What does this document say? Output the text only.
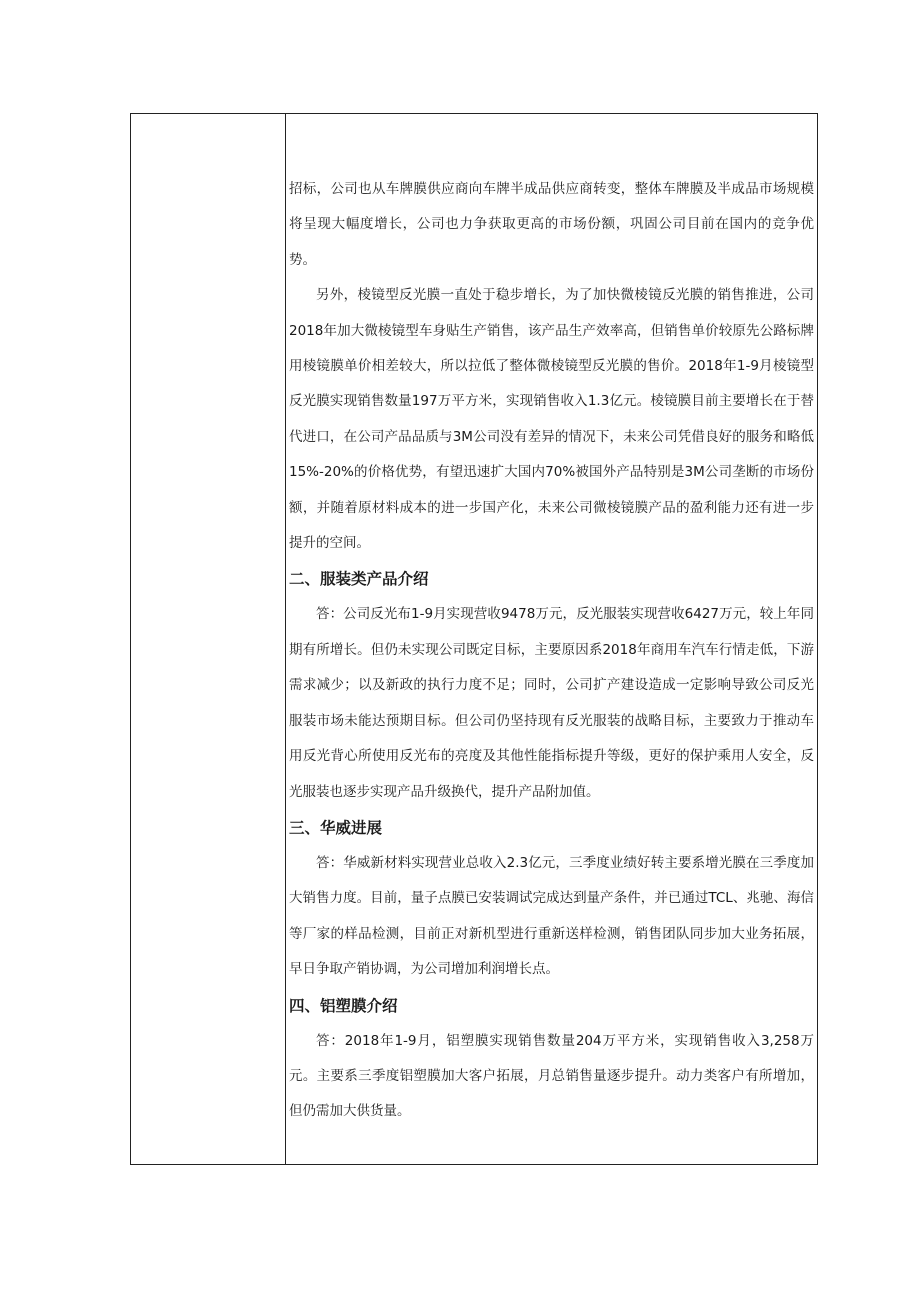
招标，公司也从车牌膜供应商向车牌半成品供应商转变，整体车牌膜及半成品市场规模将呈现大幅度增长，公司也力争获取更高的市场份额，巩固公司目前在国内的竞争优势。

另外，棱镜型反光膜一直处于稳步增长，为了加快微棱镜反光膜的销售推进，公司2018年加大微棱镜型车身贴生产销售，该产品生产效率高，但销售单价较原先公路标牌用棱镜膜单价相差较大，所以拉低了整体微棱镜型反光膜的售价。2018年1-9月棱镜型反光膜实现销售数量197万平方米，实现销售收入1.3亿元。棱镜膜目前主要增长在于替代进口，在公司产品品质与3M公司没有差异的情况下，未来公司凭借良好的服务和略低15%-20%的价格优势，有望迅速扩大国内70%被国外产品特别是3M公司垄断的市场份额，并随着原材料成本的进一步国产化，未来公司微棱镜膜产品的盈利能力还有进一步提升的空间。

二、服装类产品介绍

答：公司反光布1-9月实现营收9478万元，反光服装实现营收6427万元，较上年同期有所增长。但仍未实现公司既定目标，主要原因系2018年商用车汽车行情走低，下游需求减少；以及新政的执行力度不足；同时，公司扩产建设造成一定影响导致公司反光服装市场未能达预期目标。但公司仍坚持现有反光服装的战略目标，主要致力于推动车用反光背心所使用反光布的亮度及其他性能指标提升等级，更好的保护乘用人安全，反光服装也逐步实现产品升级换代，提升产品附加值。

三、华威进展

答：华威新材料实现营业总收入2.3亿元，三季度业绩好转主要系增光膜在三季度加大销售力度。目前，量子点膜已安装调试完成达到量产条件，并已通过TCL、兆驰、海信等厂家的样品检测，目前正对新机型进行重新送样检测，销售团队同步加大业务拓展，早日争取产销协调，为公司增加利润增长点。

四、铝塑膜介绍

答：2018年1-9月，铝塑膜实现销售数量204万平方米，实现销售收入3,258万元。主要系三季度铝塑膜加大客户拓展，月总销售量逐步提升。动力类客户有所增加，但仍需加大供货量。
